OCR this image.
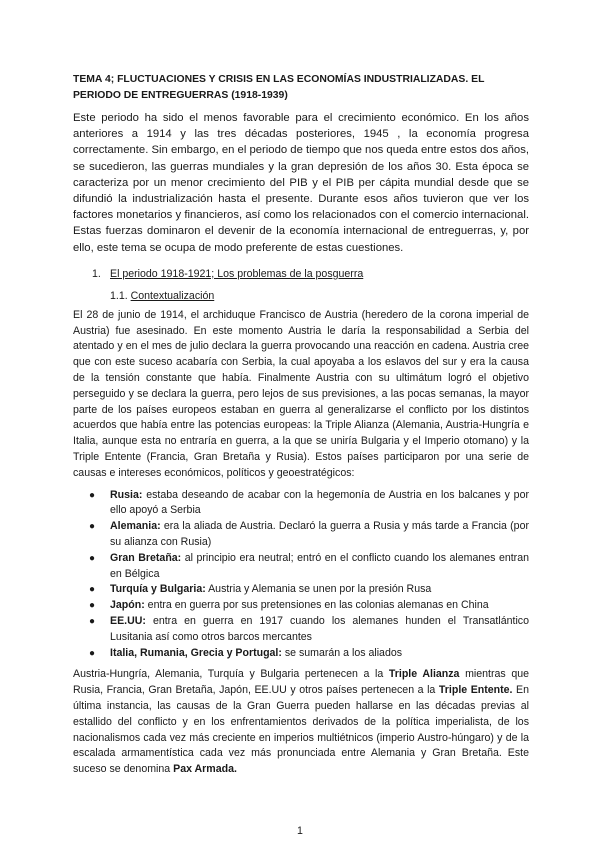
TEMA 4; FLUCTUACIONES Y CRISIS EN LAS ECONOMÍAS INDUSTRIALIZADAS. EL PERIODO DE ENTREGUERRAS (1918-1939)

Este periodo ha sido el menos favorable para el crecimiento económico. En los años anteriores a 1914 y las tres décadas posteriores, 1945 , la economía progresa correctamente. Sin embargo, en el periodo de tiempo que nos queda entre estos dos años, se sucedieron, las guerras mundiales y la gran depresión de los años 30. Esta época se caracteriza por un menor crecimiento del PIB y el PIB per cápita mundial desde que se difundió la industrialización hasta el presente. Durante esos años tuvieron que ver los factores monetarios y financieros, así como los relacionados con el comercio internacional. Estas fuerzas dominaron el devenir de la economía internacional de entreguerras, y, por ello, este tema se ocupa de modo preferente de estas cuestiones.

1. El periodo 1918-1921; Los problemas de la posguerra
1.1. Contextualización

El 28 de junio de 1914, el archiduque Francisco de Austria (heredero de la corona imperial de Austria) fue asesinado. En este momento Austria le daría la responsabilidad a Serbia del atentado y en el mes de julio declara la guerra provocando una reacción en cadena. Austria cree que con este suceso acabaría con Serbia, la cual apoyaba a los eslavos del sur y era la causa de la tensión constante que había. Finalmente Austria con su ultimátum logró el objetivo perseguido y se declara la guerra, pero lejos de sus previsiones, a las pocas semanas, la mayor parte de los países europeos estaban en guerra al generalizarse el conflicto por los distintos acuerdos que había entre las potencias europeas: la Triple Alianza (Alemania, Austria-Hungría e Italia, aunque esta no entraría en guerra, a la que se uniría Bulgaria y el Imperio otomano) y la Triple Entente (Francia, Gran Bretaña y Rusia). Estos países participaron por una serie de causas e intereses económicos, políticos y geoestratégicos:

● Rusia: estaba deseando de acabar con la hegemonía de Austria en los balcanes y por ello apoyó a Serbia
● Alemania: era la aliada de Austria. Declaró la guerra a Rusia y más tarde a Francia (por su alianza con Rusia)
● Gran Bretaña: al principio era neutral; entró en el conflicto cuando los alemanes entran en Bélgica
● Turquía y Bulgaria: Austria y Alemania se unen por la presión Rusa
● Japón: entra en guerra por sus pretensiones en las colonias alemanas en China
● EE.UU: entra en guerra en 1917 cuando los alemanes hunden el Transatlántico Lusitania así como otros barcos mercantes
● Italia, Rumania, Grecia y Portugal: se sumarán a los aliados

Austria-Hungría, Alemania, Turquía y Bulgaria pertenecen a la Triple Alianza mientras que Rusia, Francia, Gran Bretaña, Japón, EE.UU y otros países pertenecen a la Triple Entente. En última instancia, las causas de la Gran Guerra pueden hallarse en las décadas previas al estallido del conflicto y en los enfrentamientos derivados de la política imperialista, de los nacionalismos cada vez más creciente en imperios multiétnicos (imperio Austro-húngaro) y de la escalada armamentística cada vez más pronunciada entre Alemania y Gran Bretaña. Este suceso se denomina Pax Armada.

1
